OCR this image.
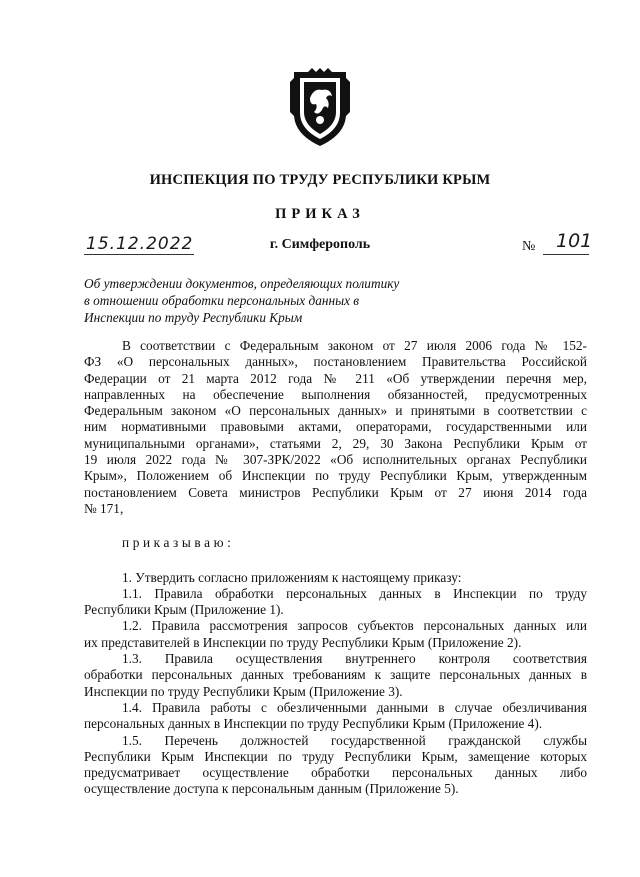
ИНСПЕКЦИЯ ПО ТРУДУ РЕСПУБЛИКИ КРЫМ
ПРИКАЗ
15.12.2022	г. Симферополь	№ 101
Об утверждении документов, определяющих политику
в отношении обработки персональных данных в
Инспекции по труду Республики Крым
В соответствии с Федеральным законом от 27 июля 2006 года № 152-
ФЗ «О персональных данных», постановлением Правительства Российской
Федерации от 21 марта 2012 года № 211 «Об утверждении перечня мер,
направленных на обеспечение выполнения обязанностей, предусмотренных
Федеральным законом «О персональных данных» и принятыми в соответствии с
ним нормативными правовыми актами, операторами, государственными или
муниципальными органами», статьями 2, 29, 30 Закона Республики Крым от
19 июля 2022 года № 307-ЗРК/2022 «Об исполнительных органах Республики
Крым», Положением об Инспекции по труду Республики Крым, утвержденным
постановлением Совета министров Республики Крым от 27 июня 2014 года
№ 171,
приказываю:
1. Утвердить согласно приложениям к настоящему приказу:
1.1. Правила обработки персональных данных в Инспекции по труду
Республики Крым (Приложение 1).
1.2. Правила рассмотрения запросов субъектов персональных данных или
их представителей в Инспекции по труду Республики Крым (Приложение 2).
1.3. Правила осуществления внутреннего контроля соответствия
обработки персональных данных требованиям к защите персональных данных в
Инспекции по труду Республики Крым (Приложение 3).
1.4. Правила работы с обезличенными данными в случае обезличивания
персональных данных в Инспекции по труду Республики Крым (Приложение 4).
1.5. Перечень должностей государственной гражданской службы
Республики Крым Инспекции по труду Республики Крым, замещение которых
предусматривает осуществление обработки персональных данных либо
осуществление доступа к персональным данным (Приложение 5).
